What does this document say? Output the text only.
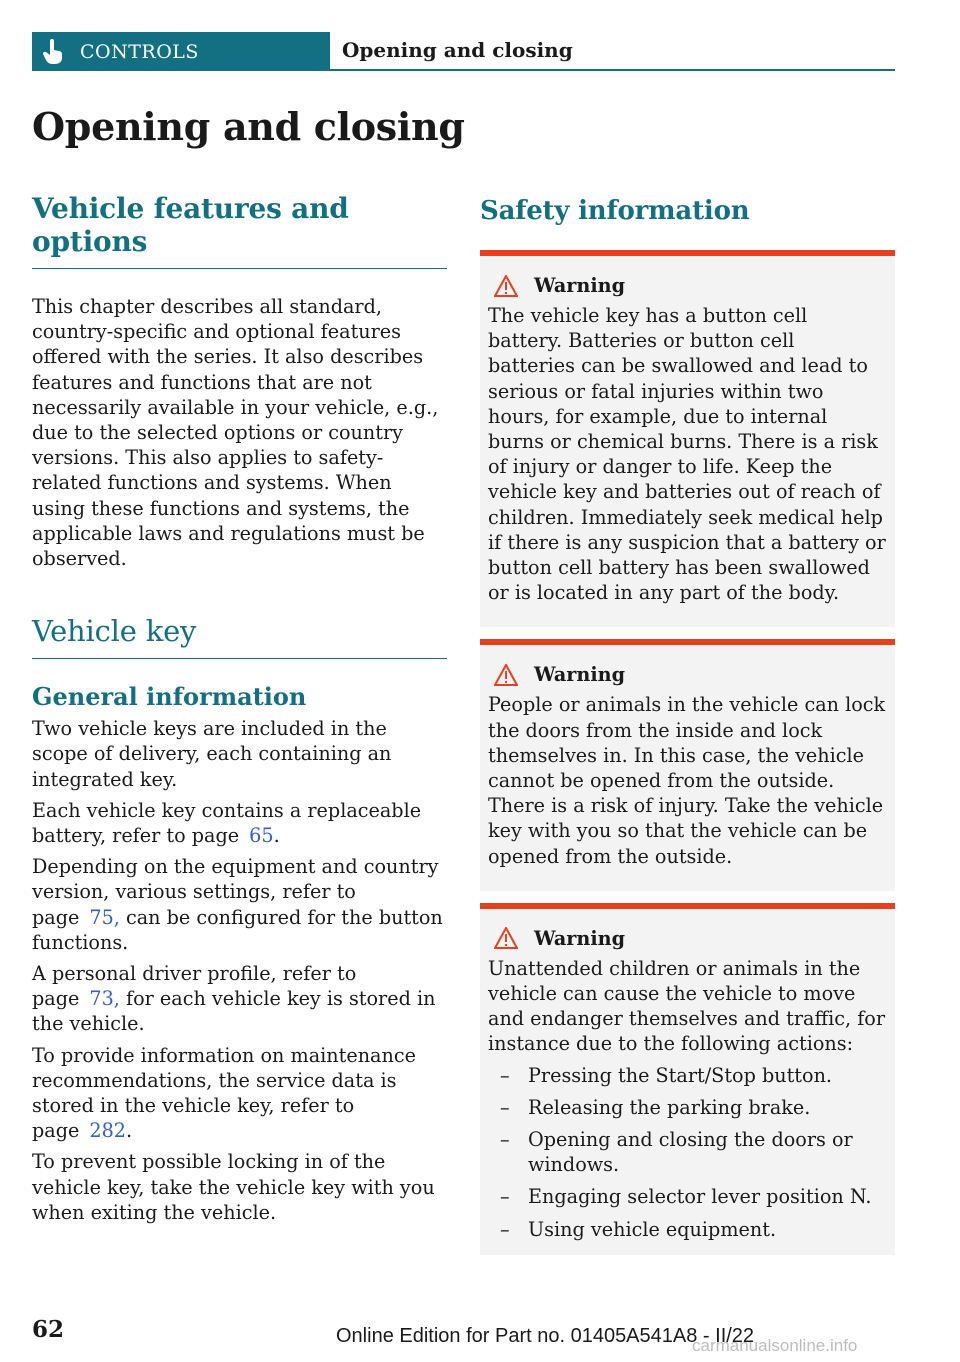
CONTROLS	Opening and closing
Opening and closing
Vehicle features and options

This chapter describes all standard, country-specific and optional features offered with the series. It also describes features and functions that are not necessarily available in your vehicle, e.g., due to the selected options or country versions. This also applies to safety-related functions and systems. When using these functions and systems, the applicable laws and regulations must be observed.

Vehicle key
General information

Two vehicle keys are included in the scope of delivery, each containing an integrated key.

Each vehicle key contains a replaceable battery, refer to page 65.

Depending on the equipment and country version, various settings, refer to page 75, can be configured for the button functions.

A personal driver profile, refer to page 73, for each vehicle key is stored in the vehicle.

To provide information on maintenance recommendations, the service data is stored in the vehicle key, refer to page 282.

To prevent possible locking in of the vehicle key, take the vehicle key with you when exiting the vehicle.

Safety information
Warning

The vehicle key has a button cell battery. Batteries or button cell batteries can be swallowed and lead to serious or fatal injuries within two hours, for example, due to internal burns or chemical burns. There is a risk of injury or danger to life. Keep the vehicle key and batteries out of reach of children. Immediately seek medical help if there is any suspicion that a battery or button cell battery has been swallowed or is located in any part of the body.

Warning

People or animals in the vehicle can lock the doors from the inside and lock themselves in. In this case, the vehicle cannot be opened from the outside. There is a risk of injury. Take the vehicle key with you so that the vehicle can be opened from the outside.

Warning

Unattended children or animals in the vehicle can cause the vehicle to move and endanger themselves and traffic, for instance due to the following actions:

– Pressing the Start/Stop button.
– Releasing the parking brake.
– Opening and closing the doors or windows.
– Engaging selector lever position N.
– Using vehicle equipment.
62	Online Edition for Part no. 01405A541A8 - II/22
carmanualsonline.info
